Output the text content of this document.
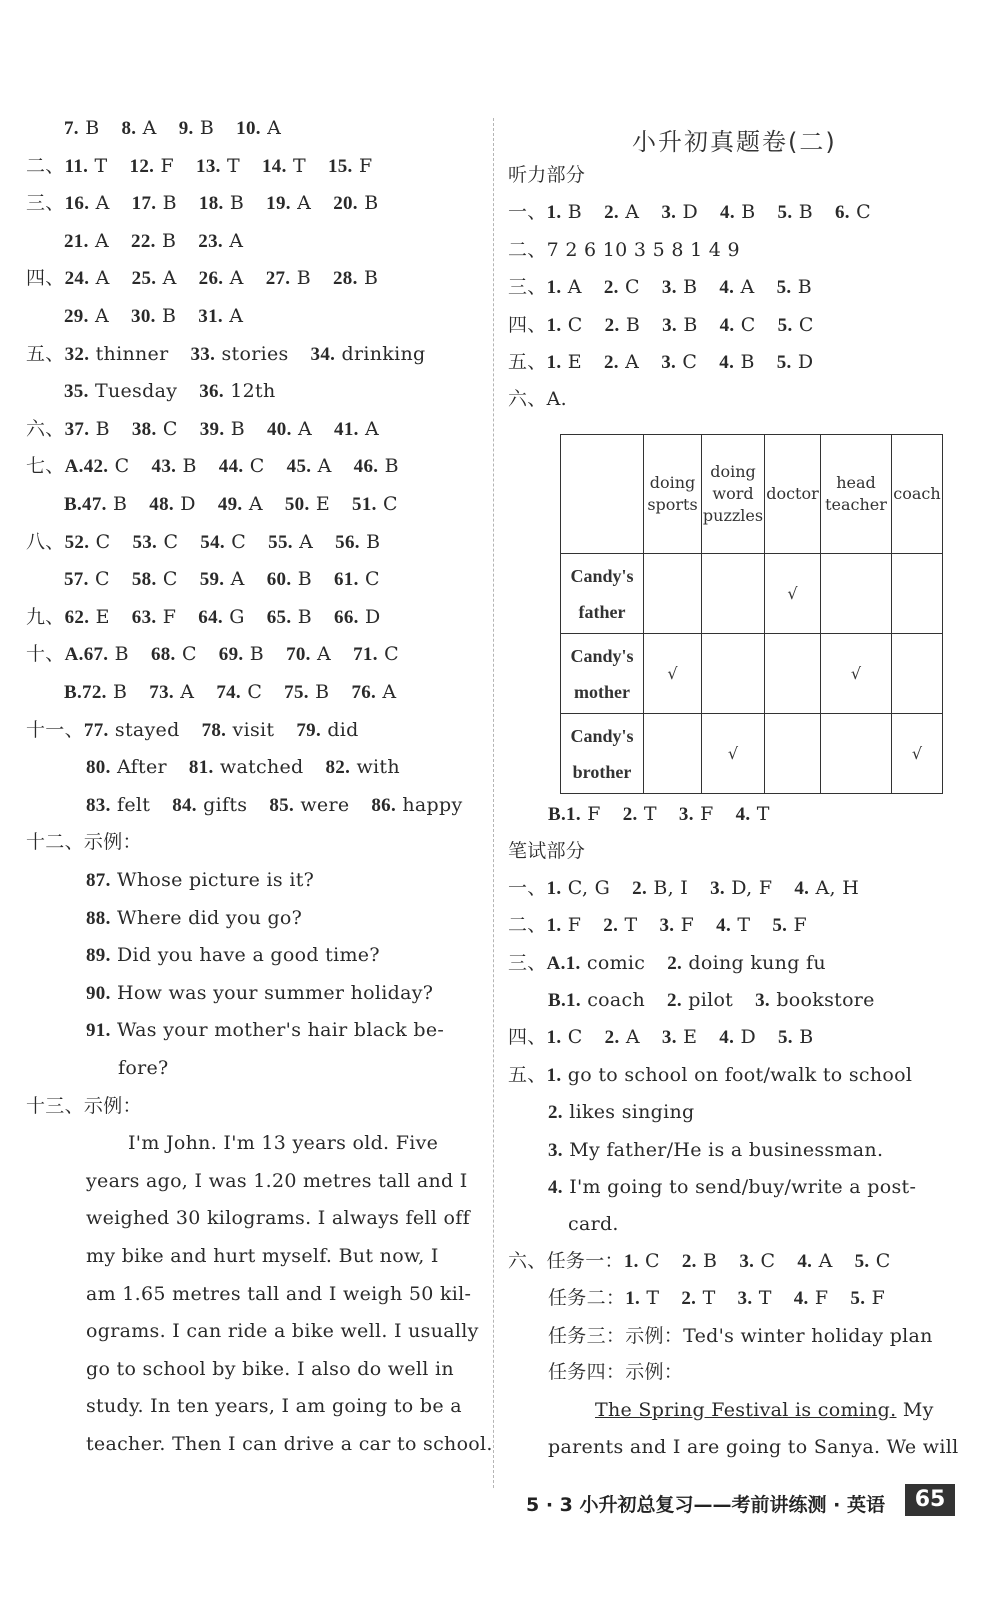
7. B 8. A 9. B 10. A
二、11. T 12. F 13. T 14. T 15. F
三、16. A 17. B 18. B 19. A 20. B
21. A 22. B 23. A
四、24. A 25. A 26. A 27. B 28. B
29. A 30. B 31. A
五、32. thinner 33. stories 34. drinking
35. Tuesday 36. 12th
六、37. B 38. C 39. B 40. A 41. A
七、A.42. C 43. B 44. C 45. A 46. B
B.47. B 48. D 49. A 50. E 51. C
八、52. C 53. C 54. C 55. A 56. B
57. C 58. C 59. A 60. B 61. C
九、62. E 63. F 64. G 65. B 66. D
十、A.67. B 68. C 69. B 70. A 71. C
B.72. B 73. A 74. C 75. B 76. A
十一、77. stayed 78. visit 79. did
80. After 81. watched 82. with
83. felt 84. gifts 85. were 86. happy
十二、示例：
87. Whose picture is it?
88. Where did you go?
89. Did you have a good time?
90. How was your summer holiday?
91. Was your mother's hair black be-
fore?
十三、示例：
I'm John. I'm 13 years old. Five
years ago, I was 1.20 metres tall and I
weighed 30 kilograms. I always fell off
my bike and hurt myself. But now, I
am 1.65 metres tall and I weigh 50 kil-
ograms. I can ride a bike well. I usually
go to school by bike. I also do well in
study. In ten years, I am going to be a
teacher. Then I can drive a car to school.
小升初真题卷(二)
听力部分
一、1. B 2. A 3. D 4. B 5. B 6. C
二、7 2 6 10 3 5 8 1 4 9
三、1. A 2. C 3. B 4. A 5. B
四、1. C 2. B 3. B 4. C 5. C
五、1. E 2. A 3. C 4. B 5. D
六、A.
	doing sports	doing word puzzles	doctor	head teacher	coach
Candy's father			√		
Candy's mother	√			√	
Candy's brother		√			√
B.1. F 2. T 3. F 4. T
笔试部分
一、1. C, G 2. B, I 3. D, F 4. A, H
二、1. F 2. T 3. F 4. T 5. F
三、A.1. comic 2. doing kung fu
B.1. coach 2. pilot 3. bookstore
四、1. C 2. A 3. E 4. D 5. B
五、1. go to school on foot/walk to school
2. likes singing
3. My father/He is a businessman.
4. I'm going to send/buy/write a post-
card.
六、任务一：1. C 2. B 3. C 4. A 5. C
任务二：1. T 2. T 3. T 4. F 5. F
任务三：示例：Ted's winter holiday plan
任务四：示例：
The Spring Festival is coming. My
parents and I are going to Sanya. We will
5 · 3 小升初总复习——考前讲练测 · 英语	65
